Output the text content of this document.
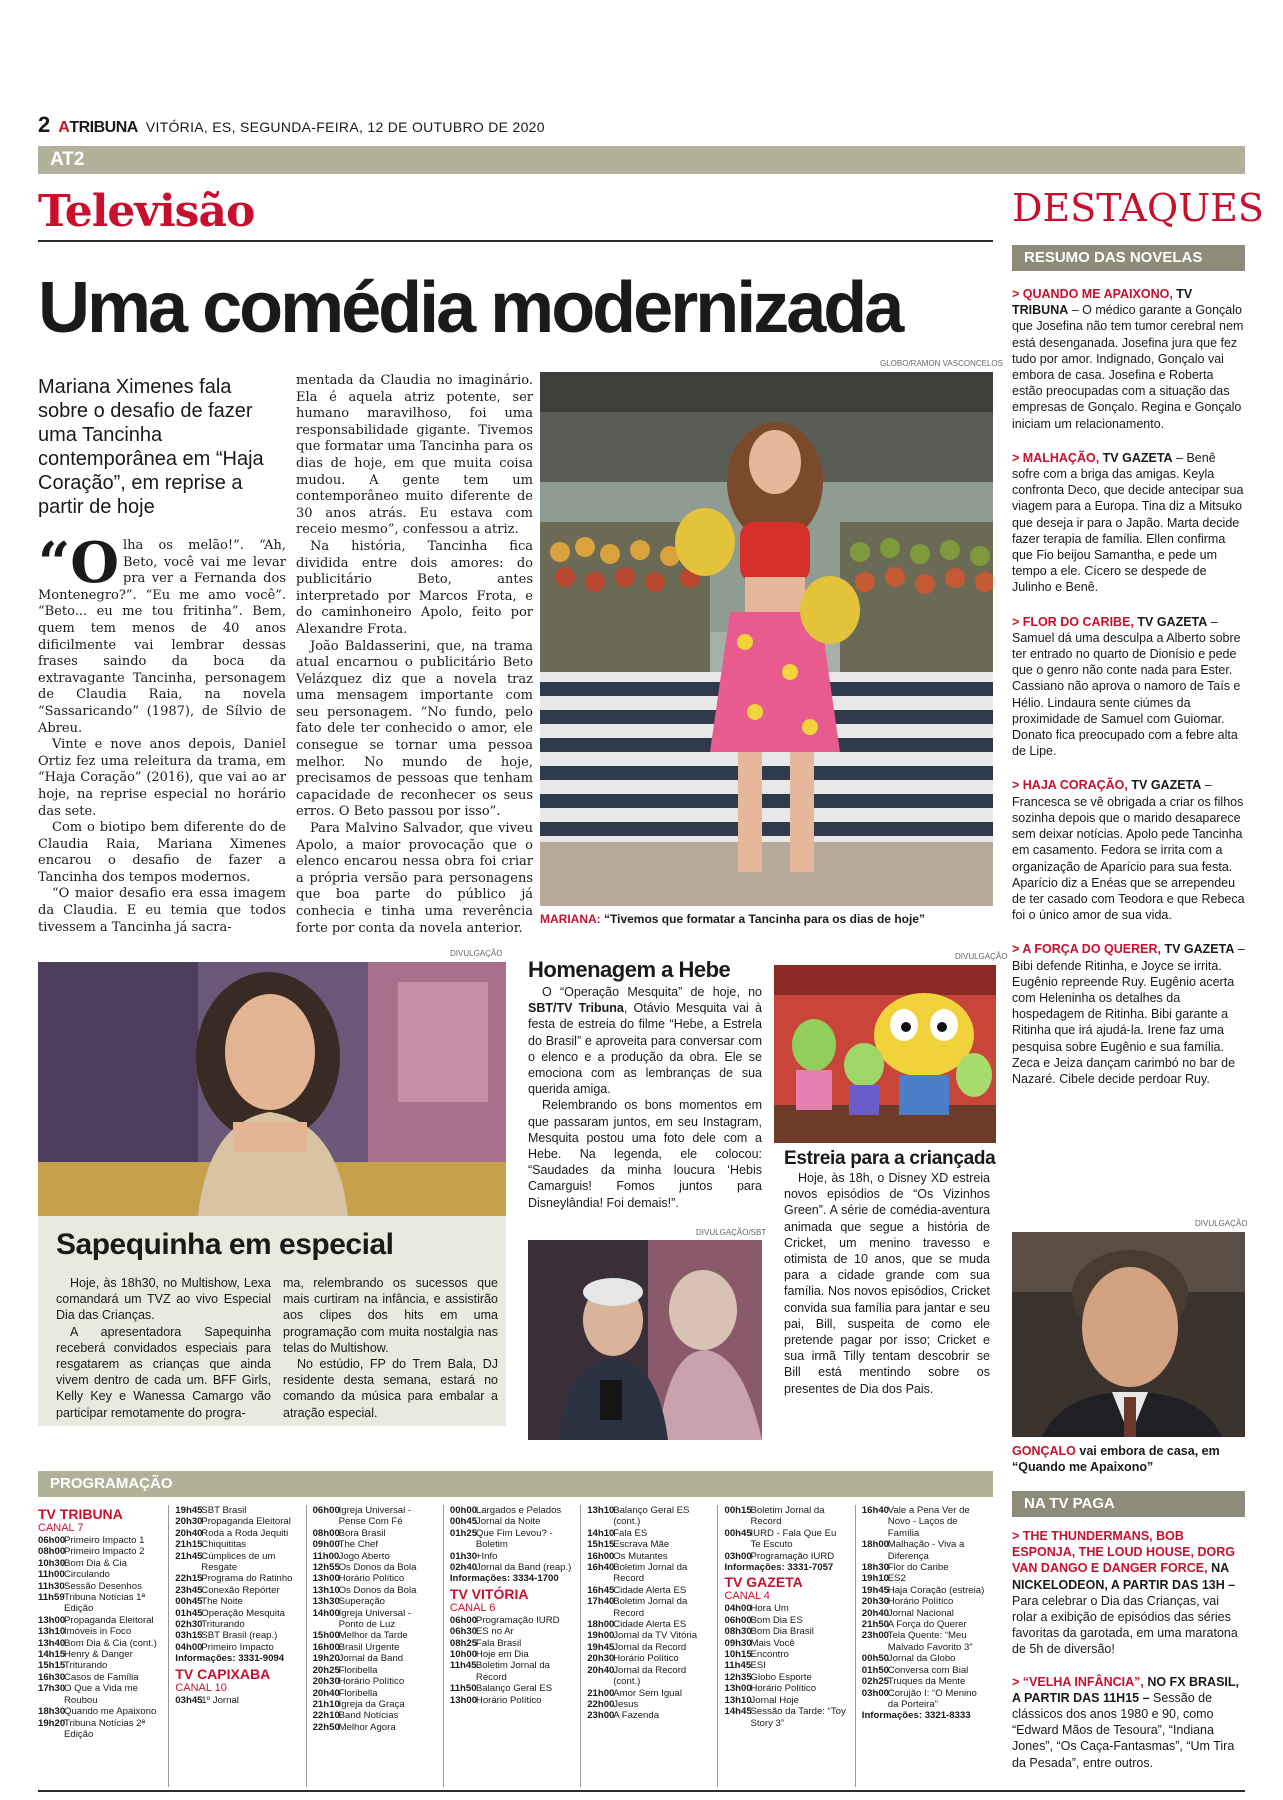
2 ATRIBUNA VITÓRIA, ES, SEGUNDA-FEIRA, 12 DE OUTUBRO DE 2020
AT2
Televisão	DESTAQUES
RESUMO DAS NOVELAS
Uma comédia modernizada
Mariana Ximenes fala sobre o desafio de fazer uma Tancinha contemporânea em “Haja Coração”, em reprise a partir de hoje

“Olha os melão!”. “Ah, Beto, você vai me levar pra ver a Fernanda dos Montenegro?”. “Eu me amo você”. “Beto... eu me tou fritinha”. Bem, quem tem menos de 40 anos dificilmente vai lembrar dessas frases saindo da boca da extravagante Tancinha, personagem de Claudia Raia, na novela “Sassaricando” (1987), de Sílvio de Abreu.

Vinte e nove anos depois, Daniel Ortiz fez uma releitura da trama, em “Haja Coração” (2016), que vai ao ar hoje, na reprise especial no horário das sete.

Com o biotipo bem diferente do de Claudia Raia, Mariana Ximenes encarou o desafio de fazer a Tancinha dos tempos modernos.

“O maior desafio era essa imagem da Claudia. E eu temia que todos tivessem a Tancinha já sacra-

mentada da Claudia no imaginário. Ela é aquela atriz potente, ser humano maravilhoso, foi uma responsabilidade gigante. Tivemos que formatar uma Tancinha para os dias de hoje, em que muita coisa mudou. A gente tem um contemporâneo muito diferente de 30 anos atrás. Eu estava com receio mesmo”, confessou a atriz.

Na história, Tancinha fica dividida entre dois amores: do publicitário Beto, antes interpretado por Marcos Frota, e do caminhoneiro Apolo, feito por Alexandre Frota.

João Baldasserini, que, na trama atual encarnou o publicitário Beto Velázquez diz que a novela traz uma mensagem importante com seu personagem. “No fundo, pelo fato dele ter conhecido o amor, ele consegue se tornar uma pessoa melhor. No mundo de hoje, precisamos de pessoas que tenham capacidade de reconhecer os seus erros. O Beto passou por isso”.

Para Malvino Salvador, que viveu Apolo, a maior provocação que o elenco encarou nessa obra foi criar a própria versão para personagens que boa parte do público já conhecia e tinha uma reverência forte por conta da novela anterior.

GLOBO/RAMON VASCONCELOS
MARIANA: “Tivemos que formatar a Tancinha para os dias de hoje”
DIVULGAÇÃO
Sapequinha em especial

Hoje, às 18h30, no Multishow, Lexa comandará um TVZ ao vivo Especial Dia das Crianças.

A apresentadora Sapequinha receberá convidados especiais para resgatarem as crianças que ainda vivem dentro de cada um. BFF Girls, Kelly Key e Wanessa Camargo vão participar remotamente do progra-

ma, relembrando os sucessos que mais curtiram na infância, e assistirão aos clipes dos hits em uma programação com muita nostalgia nas telas do Multishow.

No estúdio, FP do Trem Bala, DJ residente desta semana, estará no comando da música para embalar a atração especial.

Homenagem a Hebe

O “Operação Mesquita” de hoje, no SBT/TV Tribuna, Otávio Mesquita vai à festa de estreia do filme “Hebe, a Estrela do Brasil” e aproveita para conversar com o elenco e a produção da obra. Ele se emociona com as lembranças de sua querida amiga.

Relembrando os bons momentos em que passaram juntos, em seu Instagram, Mesquita postou uma foto dele com a Hebe. Na legenda, ele colocou: “Saudades da minha loucura ‘Hebis Camarguis! Fomos juntos para Disneylândia! Foi demais!”.

DIVULGAÇÃO/SBT
DIVULGAÇÃO
Estreia para a criançada

Hoje, às 18h, o Disney XD estreia novos episódios de “Os Vizinhos Green”. A série de comédia-aventura animada que segue a história de Cricket, um menino travesso e otimista de 10 anos, que se muda para a cidade grande com sua família. Nos novos episódios, Cricket convida sua família para jantar e seu pai, Bill, suspeita de como ele pretende pagar por isso; Cricket e sua irmã Tilly tentam descobrir se Bill está mentindo sobre os presentes de Dia dos Pais.

> QUANDO ME APAIXONO, TV TRIBUNA – O médico garante a Gonçalo que Josefina não tem tumor cerebral nem está desenganada. Josefina jura que fez tudo por amor. Indignado, Gonçalo vai embora de casa. Josefina e Roberta estão preocupadas com a situação das empresas de Gonçalo. Regina e Gonçalo iniciam um relacionamento.
> MALHAÇÃO, TV GAZETA – Benê sofre com a briga das amigas. Keyla confronta Deco, que decide antecipar sua viagem para a Europa. Tina diz a Mitsuko que deseja ir para o Japão. Marta decide fazer terapia de família. Ellen confirma que Fio beijou Samantha, e pede um tempo a ele. Cícero se despede de Julinho e Benê.
> FLOR DO CARIBE, TV GAZETA – Samuel dá uma desculpa a Alberto sobre ter entrado no quarto de Dionísio e pede que o genro não conte nada para Ester. Cassiano não aprova o namoro de Taís e Hélio. Lindaura sente ciúmes da proximidade de Samuel com Guiomar. Donato fica preocupado com a febre alta de Lipe.
> HAJA CORAÇÃO, TV GAZETA – Francesca se vê obrigada a criar os filhos sozinha depois que o marido desaparece sem deixar notícias. Apolo pede Tancinha em casamento. Fedora se irrita com a organização de Aparício para sua festa. Aparício diz a Enéas que se arrependeu de ter casado com Teodora e que Rebeca foi o único amor de sua vida.
> A FORÇA DO QUERER, TV GAZETA – Bibi defende Ritinha, e Joyce se irrita. Eugênio repreende Ruy. Eugênio acerta com Heleninha os detalhes da hospedagem de Ritinha. Bibi garante a Ritinha que irá ajudá-la. Irene faz uma pesquisa sobre Eugênio e sua família. Zeca e Jeiza dançam carimbó no bar de Nazaré. Cibele decide perdoar Ruy.
DIVULGAÇÃO
GONÇALO vai embora de casa, em “Quando me Apaixono”
NA TV PAGA
> THE THUNDERMANS, BOB ESPONJA, THE LOUD HOUSE, DORG VAN DANGO E DANGER FORCE, NA NICKELODEON, A PARTIR DAS 13H – Para celebrar o Dia das Crianças, vai rolar a exibição de episódios das séries favoritas da garotada, em uma maratona de 5h de diversão!
> “VELHA INFÂNCIA”, NO FX BRASIL, A PARTIR DAS 11H15 – Sessão de clássicos dos anos 1980 e 90, como “Edward Mãos de Tesoura”, “Indiana Jones”, “Os Caça-Fantasmas”, “Um Tira da Pesada”, entre outros.
PROGRAMAÇÃO
TV TRIBUNA
CANAL 7
06h00
Primeiro Impacto 1
08h00
Primeiro Impacto 2
10h30
Bom Dia & Cia
11h00 Circulando
11h30 Sessão Desenhos
11h59 Tribuna Notícias 1ª Edição
13h00
Propaganda Eleitoral
13h10
Imóveis in Foco
13h40
Bom Dia & Cia (cont.)
14h15
Henry & Danger
15h15
Triturando
16h30
Casos de Família
17h30
O Que a Vida me Roubou
18h30
Quando me Apaixono
19h20
Tribuna Notícias 2ª Edição
19h45
SBT Brasil
20h30
Propaganda Eleitoral
20h40
Roda a Roda Jequiti
21h15
Chiquititas
21h45
Cúmplices de um Resgate
22h15
Programa do Ratinho
23h45
Conexão Repórter
00h45
The Noite
01h45
Operação Mesquita
02h30
Triturando
03h15
SBT Brasil (reap.)
04h00
Primeiro Impacto
Informações: 3331-9094
TV CAPIXABA
CANAL 10
03h45
1º Jornal
06h00
Igreja Universal - Pense Com Fé
08h00
Bora Brasil
09h00
The Chef
11h00 Jogo Aberto
12h55
Os Donos da Bola
13h00
Horário Político
13h10
Os Donos da Bola
13h30
Superação
14h00
Igreja Universal - Ponto de Luz
15h00
Melhor da Tarde
16h00
Brasil Urgente
19h20
Jornal da Band
20h25
Floribella
20h30
Horário Político
20h40
Floribella
21h10
Igreja da Graça
22h10
Band Notícias
22h50
Melhor Agora
00h00
Largados e Pelados
00h45
Jornal da Noite
01h25
Que Fim Levou? - Boletim
01h30
+Info
02h40
Jornal da Band (reap.)
Informações: 3334-1700
TV VITÓRIA
CANAL 6
06h00
Programação IURD
06h30
ES no Ar
08h25
Fala Brasil
10h00
Hoje em Dia
11h45 Boletim Jornal da Record
11h50 Balanço Geral ES
13h00
Horário Político
13h10
Balanço Geral ES (cont.)
14h10
Fala ES
15h15
Escrava Mãe
16h00
Os Mutantes
16h40
Boletim Jornal da Record
16h45
Cidade Alerta ES
17h40
Boletim Jornal da Record
18h00
Cidade Alerta ES
19h00
Jornal da TV Vitória
19h45
Jornal da Record
20h30
Horário Político
20h40
Jornal da Record (cont.)
21h00
Amor Sem Igual
22h00
Jesus
23h00
A Fazenda
00h15
Boletim Jornal da Record
00h45
IURD - Fala Que Eu Te Escuto
03h00
Programação IURD
Informações: 3331-7057
TV GAZETA
CANAL 4
04h00
Hora Um
06h00
Bom Dia ES
08h30
Bom Dia Brasil
09h30
Mais Você
10h15
Encontro
11h45 ESI
12h35
Globo Esporte
13h00
Horário Político
13h10
Jornal Hoje
14h45
Sessão da Tarde: “Toy Story 3”
16h40
Vale a Pena Ver de Novo - Laços de Família
18h00
Malhação - Viva a Diferença
18h30
Flor do Caribe
19h10
ES2
19h45
Haja Coração (estreia)
20h30
Horário Político
20h40
Jornal Nacional
21h50
A Força do Querer
23h00
Tela Quente: “Meu Malvado Favorito 3”
00h50
Jornal da Globo
01h50
Conversa com Bial
02h25
Truques da Mente
03h00
Corujão I: “O Menino da Porteira”
Informações: 3321-8333
